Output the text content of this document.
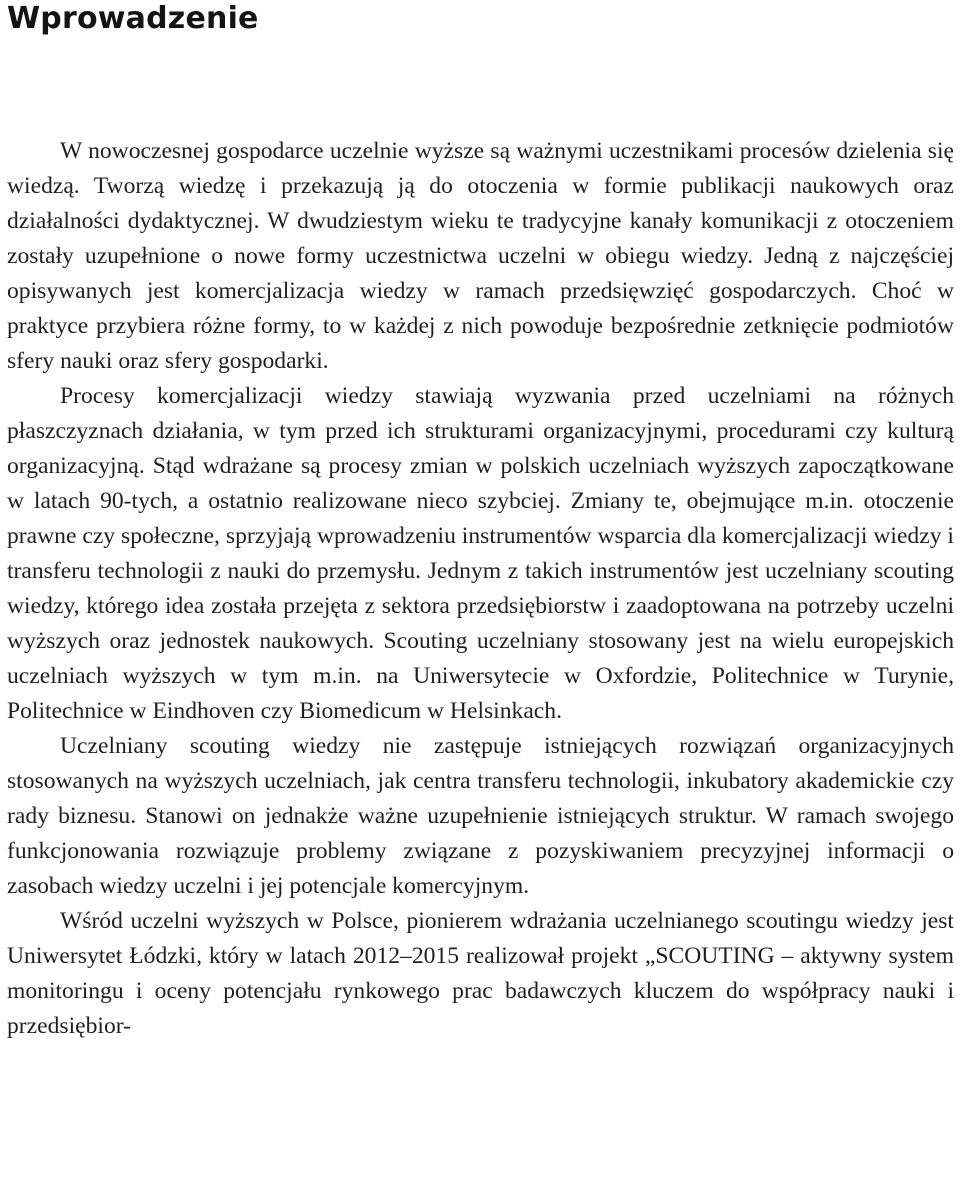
Wprowadzenie

W nowoczesnej gospodarce uczelnie wyższe są ważnymi uczestnikami procesów dzielenia się wiedzą. Tworzą wiedzę i przekazują ją do otoczenia w formie publikacji naukowych oraz działalności dydaktycznej. W dwudziestym wieku te tradycyjne kanały komunikacji z otoczeniem zostały uzupełnione o nowe formy uczestnictwa uczelni w obiegu wiedzy. Jedną z najczęściej opisywanych jest komercjalizacja wiedzy w ramach przedsięwzięć gospodarczych. Choć w praktyce przybiera różne formy, to w każdej z nich powoduje bezpośrednie zetknięcie podmiotów sfery nauki oraz sfery gospodarki.

Procesy komercjalizacji wiedzy stawiają wyzwania przed uczelniami na różnych płaszczyznach działania, w tym przed ich strukturami organizacyjnymi, procedurami czy kulturą organizacyjną. Stąd wdrażane są procesy zmian w polskich uczelniach wyższych zapoczątkowane w latach 90-tych, a ostatnio realizowane nieco szybciej. Zmiany te, obejmujące m.in. otoczenie prawne czy społeczne, sprzyjają wprowadzeniu instrumentów wsparcia dla komercjalizacji wiedzy i transferu technologii z nauki do przemysłu. Jednym z takich instrumentów jest uczelniany scouting wiedzy, którego idea została przejęta z sektora przedsiębiorstw i zaadoptowana na potrzeby uczelni wyższych oraz jednostek naukowych. Scouting uczelniany stosowany jest na wielu europejskich uczelniach wyższych w tym m.in. na Uniwersytecie w Oxfordzie, Politechnice w Turynie, Politechnice w Eindhoven czy Biomedicum w Helsinkach.

Uczelniany scouting wiedzy nie zastępuje istniejących rozwiązań organizacyjnych stosowanych na wyższych uczelniach, jak centra transferu technologii, inkubatory akademickie czy rady biznesu. Stanowi on jednakże ważne uzupełnienie istniejących struktur. W ramach swojego funkcjonowania rozwiązuje problemy związane z pozyskiwaniem precyzyjnej informacji o zasobach wiedzy uczelni i jej potencjale komercyjnym.

Wśród uczelni wyższych w Polsce, pionierem wdrażania uczelnianego scoutingu wiedzy jest Uniwersytet Łódzki, który w latach 2012–2015 realizował projekt „SCOUTING – aktywny system monitoringu i oceny potencjału rynkowego prac badawczych kluczem do współpracy nauki i przedsiębior-
